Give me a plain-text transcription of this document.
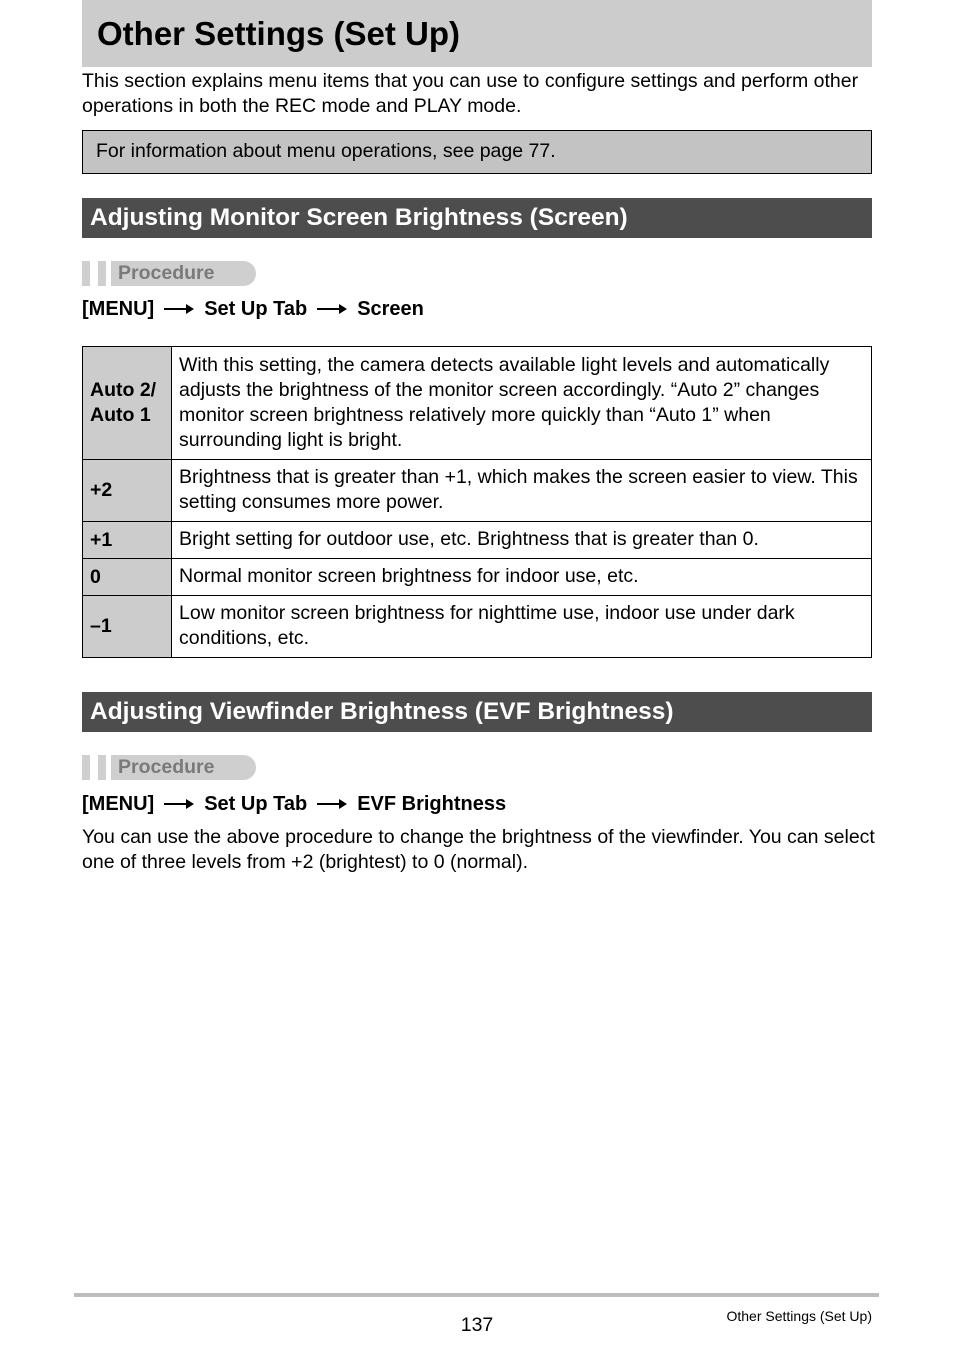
Other Settings (Set Up)

This section explains menu items that you can use to configure settings and perform other operations in both the REC mode and PLAY mode.

For information about menu operations, see page 77.
Adjusting Monitor Screen Brightness (Screen)
Procedure
[MENU]	Set Up Tab	Screen
Auto 2/
Auto 1	With this setting, the camera detects available light levels and automatically adjusts the brightness of the monitor screen accordingly. “Auto 2” changes monitor screen brightness relatively more quickly than “Auto 1” when surrounding light is bright.
+2	Brightness that is greater than +1, which makes the screen easier to view. This setting consumes more power.
+1	Bright setting for outdoor use, etc. Brightness that is greater than 0.
0	Normal monitor screen brightness for indoor use, etc.
–1	Low monitor screen brightness for nighttime use, indoor use under dark conditions, etc.
Adjusting Viewfinder Brightness (EVF Brightness)
Procedure
[MENU]	Set Up Tab	EVF Brightness

You can use the above procedure to change the brightness of the viewfinder. You can select one of three levels from +2 (brightest) to 0 (normal).

137	Other Settings (Set Up)
